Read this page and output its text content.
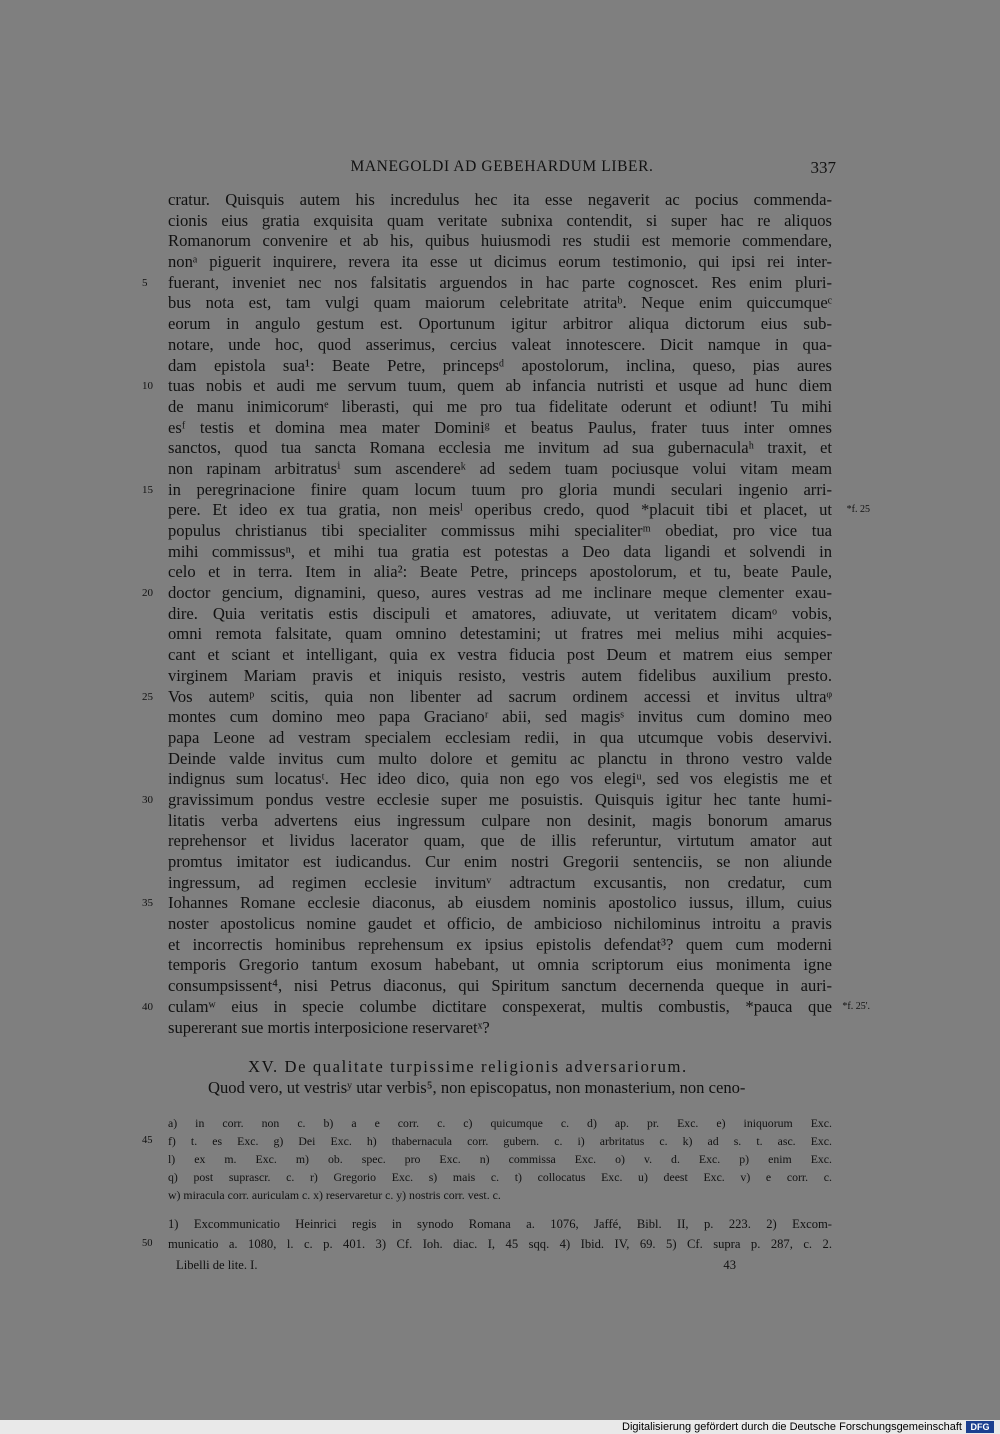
MANEGOLDI AD GEBEHARDUM LIBER.	337
cratur. Quisquis autem his incredulus hec ita esse negaverit ac pocius commenda-
cionis eius gratia exquisita quam veritate subnixa contendit, si super hac re aliquos
Romanorum convenire et ab his, quibus huiusmodi res studii est memorie commendare,
nonᵃ piguerit inquirere, revera ita esse ut dicimus eorum testimonio, qui ipsi rei inter-
fuerant, inveniet nec nos falsitatis arguendos in hac parte cognoscet. Res enim pluri-
5
bus nota est, tam vulgi quam maiorum celebritate atritaᵇ. Neque enim quiccumqueᶜ
eorum in angulo gestum est. Oportunum igitur arbitror aliqua dictorum eius sub-
notare, unde hoc, quod asserimus, cercius valeat innotescere. Dicit namque in qua-
dam epistola sua¹: Beate Petre, princepsᵈ apostolorum, inclina, queso, pias aures
tuas nobis et audi me servum tuum, quem ab infancia nutristi et usque ad hunc diem
10
de manu inimicorumᵉ liberasti, qui me pro tua fidelitate oderunt et odiunt! Tu mihi
esᶠ testis et domina mea mater Dominiᵍ et beatus Paulus, frater tuus inter omnes
sanctos, quod tua sancta Romana ecclesia me invitum ad sua gubernaculaʰ traxit, et
non rapinam arbitratusⁱ sum ascendereᵏ ad sedem tuam pociusque volui vitam meam
in peregrinacione finire quam locum tuum pro gloria mundi seculari ingenio arri-
15
pere. Et ideo ex tua gratia, non meisˡ operibus credo, quod *placuit tibi et placet, ut *f. 25
populus christianus tibi specialiter commissus mihi specialiterᵐ obediat, pro vice tua
mihi commissusⁿ, et mihi tua gratia est potestas a Deo data ligandi et solvendi in
celo et in terra. Item in alia²: Beate Petre, princeps apostolorum, et tu, beate Paule,
doctor gencium, dignamini, queso, aures vestras ad me inclinare meque clementer exau-
20
dire. Quia veritatis estis discipuli et amatores, adiuvate, ut veritatem dicamᵒ vobis,
omni remota falsitate, quam omnino detestamini; ut fratres mei melius mihi acquies-
cant et sciant et intelligant, quia ex vestra fiducia post Deum et matrem eius semper
virginem Mariam pravis et iniquis resisto, vestris autem fidelibus auxilium presto.
Vos autemᵖ scitis, quia non libenter ad sacrum ordinem accessi et invitus ultraᵠ
25
montes cum domino meo papa Gracianoʳ abii, sed magisˢ invitus cum domino meo
papa Leone ad vestram specialem ecclesiam redii, in qua utcumque vobis deservivi.
Deinde valde invitus cum multo dolore et gemitu ac planctu in throno vestro valde
indignus sum locatusᵗ. Hec ideo dico, quia non ego vos elegiᵘ, sed vos elegistis me et
gravissimum pondus vestre ecclesie super me posuistis. Quisquis igitur hec tante humi-
30
litatis verba advertens eius ingressum culpare non desinit, magis bonorum amarus
reprehensor et lividus lacerator quam, que de illis referuntur, virtutum amator aut
promtus imitator est iudicandus. Cur enim nostri Gregorii sentenciis, se non aliunde
ingressum, ad regimen ecclesie invitumᵛ adtractum excusantis, non credatur, cum
Iohannes Romane ecclesie diaconus, ab eiusdem nominis apostolico iussus, illum, cuius
35
noster apostolicus nomine gaudet et officio, de ambicioso nichilominus introitu a pravis
et incorrectis hominibus reprehensum ex ipsius epistolis defendat³? quem cum moderni
temporis Gregorio tantum exosum habebant, ut omnia scriptorum eius monimenta igne
consumpsissent⁴, nisi Petrus diaconus, qui Spiritum sanctum decernenda queque in auri-
culamʷ eius in specie columbe dictitare conspexerat, multis combustis, *pauca que
40	*f. 25'.
supererant sue mortis interposicione reservaretˣ?
XV. De qualitate turpissime religionis adversariorum.
Quod vero, ut vestrisʸ utar verbis⁵, non episcopatus, non monasterium, non ceno-
a) in corr. non c. b) a e corr. c. c) quicumque c. d) ap. pr. Exc. e) iniquorum Exc.
f) t. es Exc. g) Dei Exc. h) thabernacula corr. gubern. c. i) arbritatus c. k) ad s. t. asc. Exc.
45
l) ex m. Exc. m) ob. spec. pro Exc. n) commissa Exc. o) v. d. Exc. p) enim Exc.
q) post suprascr. c. r) Gregorio Exc. s) mais c. t) collocatus Exc. u) deest Exc. v) e corr. c.
w) miracula corr. auriculam c. x) reservaretur c. y) nostris corr. vest. c.
1) Excommunicatio Heinrici regis in synodo Romana a. 1076, Jaffé, Bibl. II, p. 223. 2) Excom-
municatio a. 1080, l. c. p. 401. 3) Cf. Ioh. diac. I, 45 sqq. 4) Ibid. IV, 69. 5) Cf. supra p. 287, c. 2.
50
Libelli de lite. I.	43
Digitalisierung gefördert durch die Deutsche Forschungsgemeinschaft DFG
